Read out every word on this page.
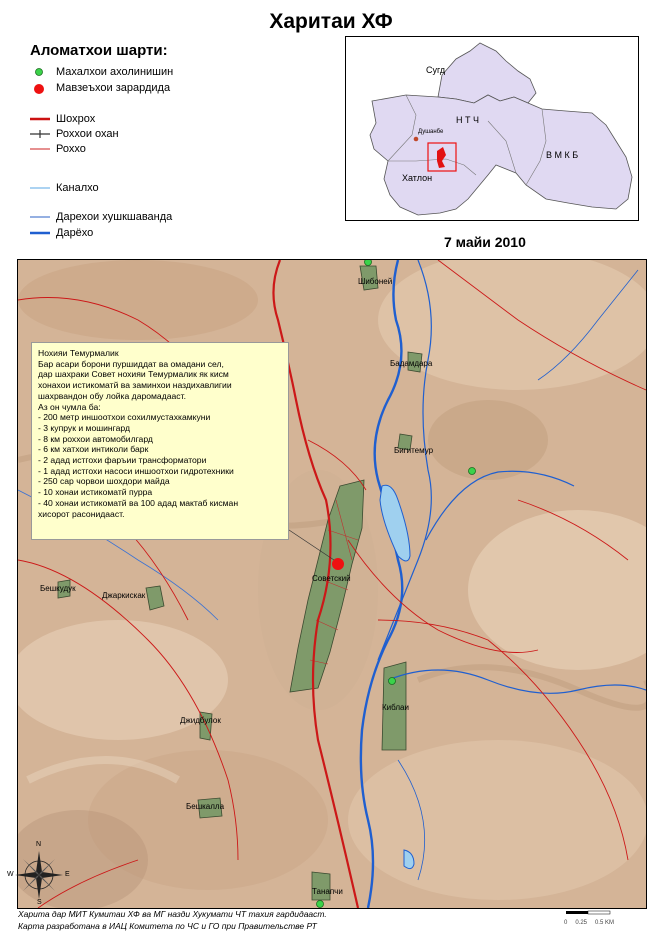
Харитаи ХФ
Аломатхои шарти:
Махалхои ахолинишин
Мавзеъхои зарардида
Шохрох
Роххои охан
Роххо
Каналхо
Дарехои хушкшаванда
Дарёхо
Сугд
Н Т Ч
В М К Б
Хатлон
Душанбе
7 майи 2010
Шибоней
Бадамдара
Бигитемур
Бешкудук
Джаркискак
Советский
Джидбулок
Киблаи
Бешкалла
Танапчи
Нохияи Темурмалик
Бар асари борони пуршиддат ва омадани сел,
дар шахраки Совет нохияи Темурмалик як кисм
хонахои истикоматй ва заминхои наздихавлигии
шахрвандон обу лойка даромадааст.
Аз он чумла ба:
- 200 метр иншоотхои сохилмустахкамкуни
- 3 купрук и мошингард
- 8 км роххои автомобилгард
- 6 км хатхои интиколи барк
- 2 адад истгохи фаръии трансформатори
- 1 адад истгохи насоси иншоотхои гидротехники
- 250 сар чорвои шохдори майда
- 10 хонаи истикоматй пурра
- 40 хонаи истикоматй ва 100 адад мактаб кисман
хисорот расонидааст.
N
S
W	E
Харита дар МИТ Кумитаи ХФ ва МГ назди Хукумати ЧТ тахия гардидааст.
Карта разработана в ИАЦ Комитета по ЧС и ГО при Правительстве РТ	0 0.25 0.5 KM
